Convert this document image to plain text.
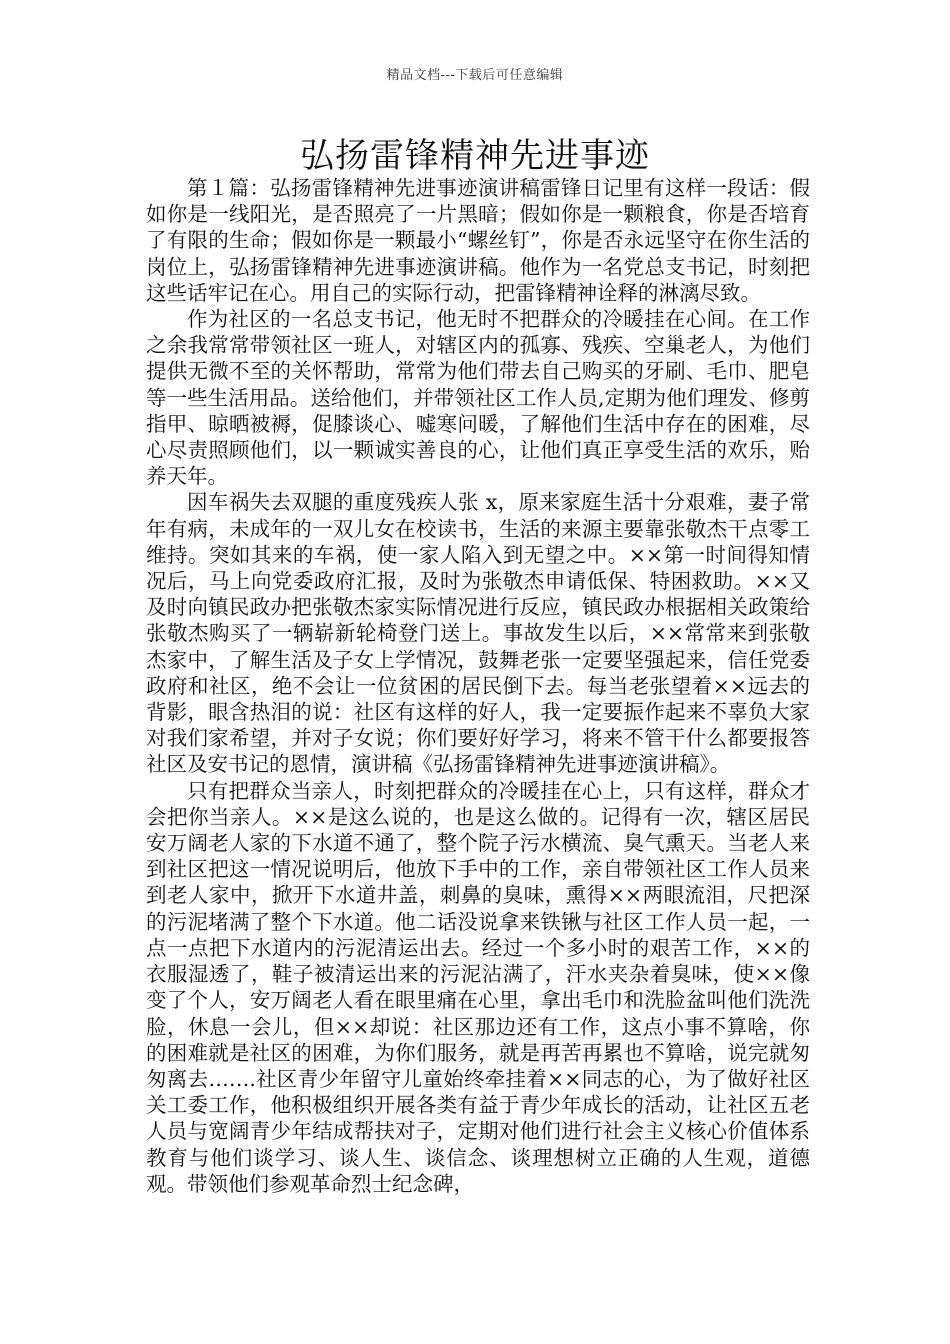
精品文档---下载后可任意编辑
弘扬雷锋精神先进事迹

第１篇：弘扬雷锋精神先进事迹演讲稿雷锋日记里有这样一段话：假如你是一线阳光，是否照亮了一片黑暗；假如你是一颗粮食，你是否培育了有限的生命；假如你是一颗最小“螺丝钉”，你是否永远坚守在你生活的岗位上，弘扬雷锋精神先进事迹演讲稿。他作为一名党总支书记，时刻把这些话牢记在心。用自己的实际行动，把雷锋精神诠释的淋漓尽致。

作为社区的一名总支书记，他无时不把群众的冷暖挂在心间。在工作之余我常常带领社区一班人，对辖区内的孤寡、残疾、空巢老人，为他们提供无微不至的关怀帮助，常常为他们带去自己购买的牙刷、毛巾、肥皂等一些生活用品。送给他们，并带领社区工作人员,定期为他们理发、修剪指甲、晾晒被褥，促膝谈心、嘘寒问暖，了解他们生活中存在的困难，尽心尽责照顾他们，以一颗诚实善良的心，让他们真正享受生活的欢乐，贻养天年。

因车祸失去双腿的重度残疾人张 x，原来家庭生活十分艰难，妻子常年有病，未成年的一双儿女在校读书，生活的来源主要靠张敬杰干点零工维持。突如其来的车祸，使一家人陷入到无望之中。××第一时间得知情况后，马上向党委政府汇报，及时为张敬杰申请低保、特困救助。××又及时向镇民政办把张敬杰家实际情况进行反应，镇民政办根据相关政策给张敬杰购买了一辆崭新轮椅登门送上。事故发生以后，××常常来到张敬杰家中，了解生活及子女上学情况，鼓舞老张一定要坚强起来，信任党委政府和社区，绝不会让一位贫困的居民倒下去。每当老张望着××远去的背影，眼含热泪的说：社区有这样的好人，我一定要振作起来不辜负大家对我们家希望，并对子女说；你们要好好学习，将来不管干什么都要报答社区及安书记的恩情，演讲稿《弘扬雷锋精神先进事迹演讲稿》。

只有把群众当亲人，时刻把群众的冷暖挂在心上，只有这样，群众才会把你当亲人。××是这么说的，也是这么做的。记得有一次，辖区居民安万阔老人家的下水道不通了，整个院子污水横流、臭气熏天。当老人来到社区把这一情况说明后，他放下手中的工作，亲自带领社区工作人员来到老人家中，掀开下水道井盖，刺鼻的臭味，熏得××两眼流泪，尺把深的污泥堵满了整个下水道。他二话没说拿来铁锹与社区工作人员一起，一点一点把下水道内的污泥清运出去。经过一个多小时的艰苦工作，××的衣服湿透了，鞋子被清运出来的污泥沾满了，汗水夹杂着臭味，使××像变了个人，安万阔老人看在眼里痛在心里，拿出毛巾和洗脸盆叫他们洗洗脸，休息一会儿，但××却说：社区那边还有工作，这点小事不算啥，你的困难就是社区的困难，为你们服务，就是再苦再累也不算啥，说完就匆匆离去…….社区青少年留守儿童始终牵挂着××同志的心，为了做好社区关工委工作，他积极组织开展各类有益于青少年成长的活动，让社区五老人员与宽阔青少年结成帮扶对子，定期对他们进行社会主义核心价值体系教育与他们谈学习、谈人生、谈信念、谈理想树立正确的人生观，道德观。带领他们参观革命烈士纪念碑，
